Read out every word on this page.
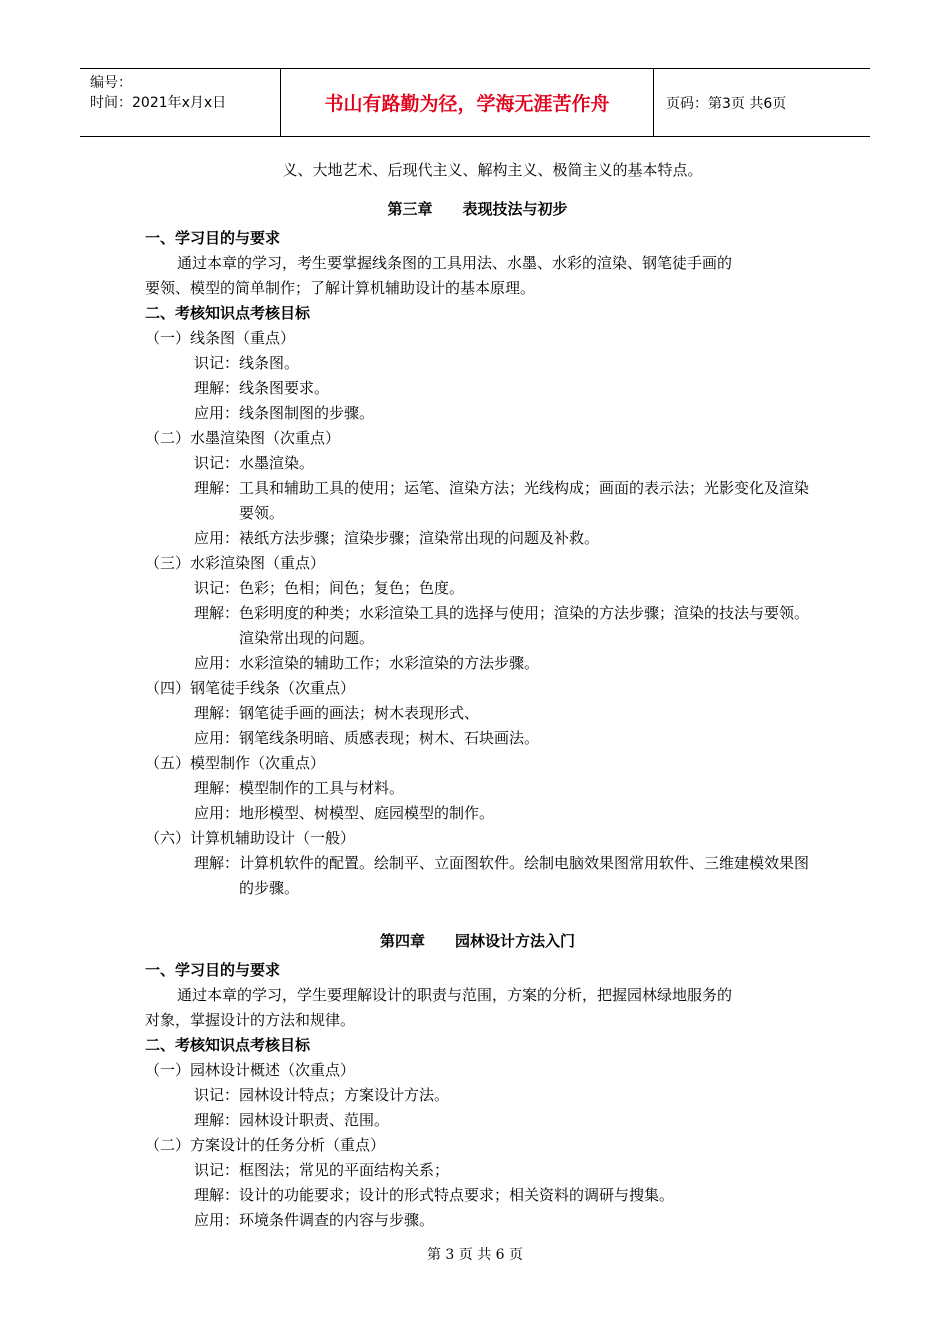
编号：
时间：2021年x月x日	书山有路勤为径，学海无涯苦作舟	页码：第3页 共6页
义、大地艺术、后现代主义、解构主义、极简主义的基本特点。
第三章 表现技法与初步
一、学习目的与要求
通过本章的学习，考生要掌握线条图的工具用法、水墨、水彩的渲染、钢笔徒手画的
要领、模型的简单制作；了解计算机辅助设计的基本原理。
二、考核知识点考核目标
（一）线条图（重点）
识记： 线条图。
理解： 线条图要求。
应用： 线条图制图的步骤。
（二）水墨渲染图（次重点）
识记： 水墨渲染。
理解： 工具和辅助工具的使用；运笔、渲染方法；光线构成；画面的表示法；光影变化及渲染要领。
应用： 裱纸方法步骤；渲染步骤；渲染常出现的问题及补救。
（三）水彩渲染图（重点）
识记： 色彩；色相；间色；复色；色度。
理解： 色彩明度的种类；水彩渲染工具的选择与使用；渲染的方法步骤；渲染的技法与要领。渲染常出现的问题。
应用： 水彩渲染的辅助工作；水彩渲染的方法步骤。
（四）钢笔徒手线条（次重点）
理解： 钢笔徒手画的画法；树木表现形式、
应用： 钢笔线条明暗、质感表现；树木、石块画法。
（五）模型制作（次重点）
理解： 模型制作的工具与材料。
应用： 地形模型、树模型、庭园模型的制作。
（六）计算机辅助设计（一般）
理解： 计算机软件的配置。绘制平、立面图软件。绘制电脑效果图常用软件、三维建模效果图的步骤。
第四章 园林设计方法入门
一、学习目的与要求
通过本章的学习，学生要理解设计的职责与范围，方案的分析，把握园林绿地服务的
对象，掌握设计的方法和规律。
二、考核知识点考核目标
（一）园林设计概述（次重点）
识记： 园林设计特点；方案设计方法。
理解： 园林设计职责、范围。
（二）方案设计的任务分析（重点）
识记： 框图法；常见的平面结构关系；
理解： 设计的功能要求；设计的形式特点要求；相关资料的调研与搜集。
应用： 环境条件调查的内容与步骤。
第 3 页 共 6 页
